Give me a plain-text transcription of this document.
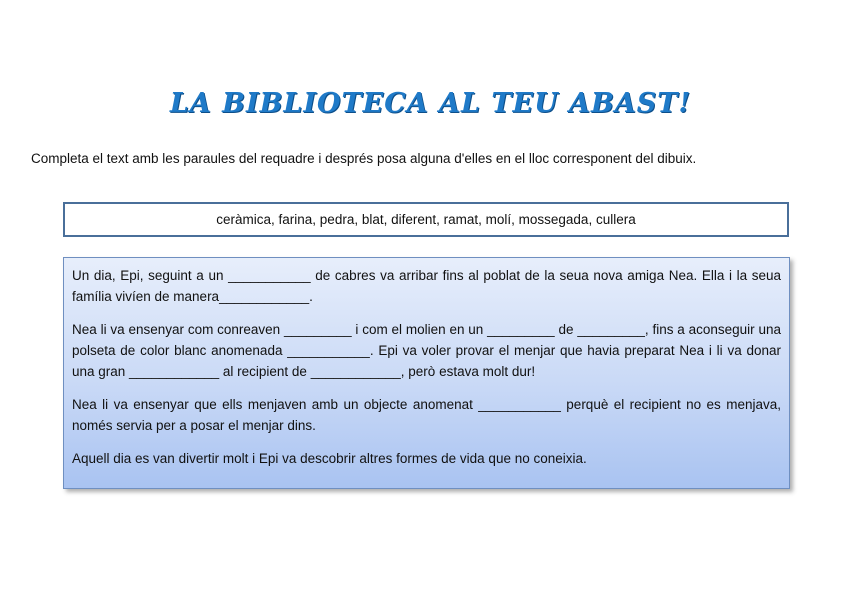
LA BIBLIOTECA AL TEU ABAST!
Completa el text amb les paraules del requadre i després posa alguna d'elles en el lloc corresponent del dibuix.
ceràmica, farina, pedra, blat, diferent, ramat, molí, mossegada, cullera

Un dia, Epi, seguint a un ___________ de cabres va arribar fins al poblat de la seua nova amiga Nea. Ella i la seua família vivíen de manera____________.

Nea li va ensenyar com conreaven _________ i com el molien en un _________ de _________, fins a aconseguir una polseta de color blanc anomenada ___________. Epi va voler provar el menjar que havia preparat Nea i li va donar una gran ____________ al recipient de ____________, però estava molt dur!

Nea li va ensenyar que ells menjaven amb un objecte anomenat ___________ perquè el recipient no es menjava, només servia per a posar el menjar dins.

Aquell dia es van divertir molt i Epi va descobrir altres formes de vida que no coneixia.
